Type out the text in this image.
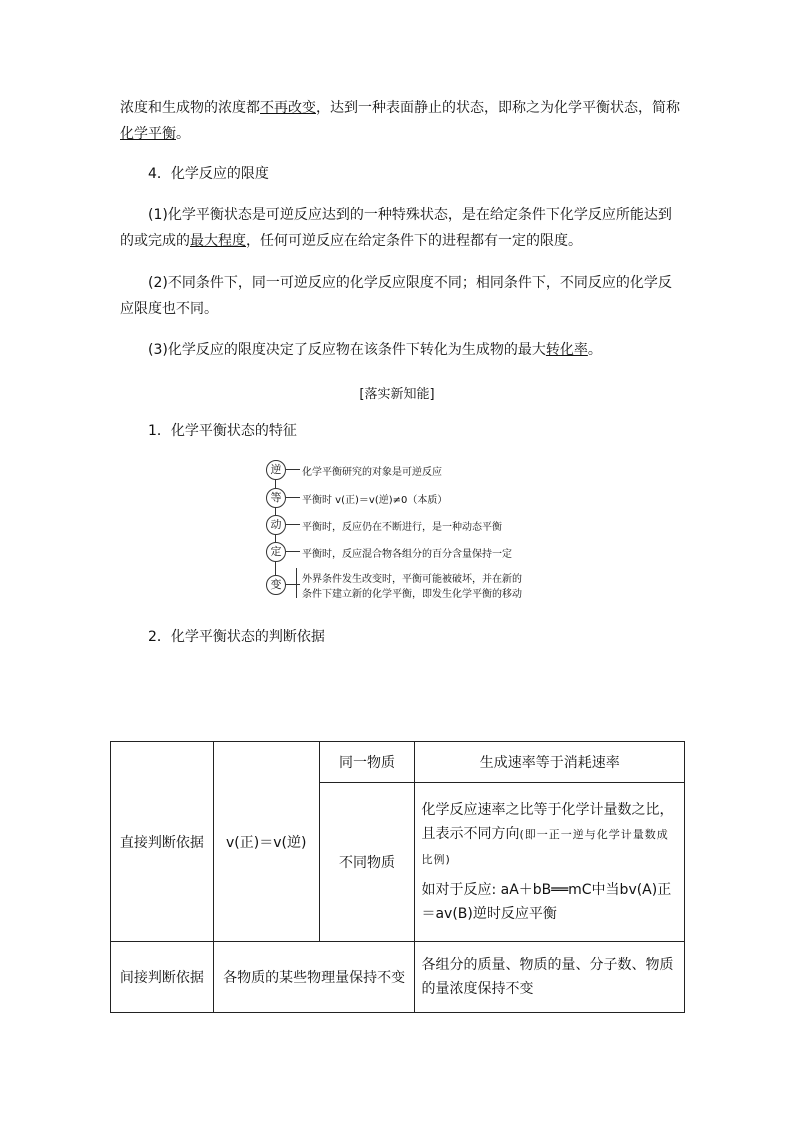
浓度和生成物的浓度都不再改变，达到一种表面静止的状态，即称之为化学平衡状态，简称化学平衡。
4．化学反应的限度
(1)化学平衡状态是可逆反应达到的一种特殊状态，是在给定条件下化学反应所能达到的或完成的最大程度，任何可逆反应在给定条件下的进程都有一定的限度。
(2)不同条件下，同一可逆反应的化学反应限度不同；相同条件下，不同反应的化学反应限度也不同。
(3)化学反应的限度决定了反应物在该条件下转化为生成物的最大转化率。
[落实新知能]
1．化学平衡状态的特征
逆	化学平衡研究的对象是可逆反应
等	平衡时 v(正)＝v(逆)≠0（本质）
动	平衡时，反应仍在不断进行，是一种动态平衡
定	平衡时，反应混合物各组分的百分含量保持一定
变	外界条件发生改变时，平衡可能被破坏，并在新的
条件下建立新的化学平衡，即发生化学平衡的移动
2．化学平衡状态的判断依据
直接判断依据	v(正)＝v(逆)	同一物质	生成速率等于消耗速率
		不同物质	化学反应速率之比等于化学计量数之比，且表示不同方向(即一正一逆与化学计量数成比例)
如对于反应: aA＋bB══mC中当bv(A)正＝av(B)逆时反应平衡

间接判断依据	各物质的某些物理量保持不变		各组分的质量、物质的量、分子数、物质的量浓度保持不变
